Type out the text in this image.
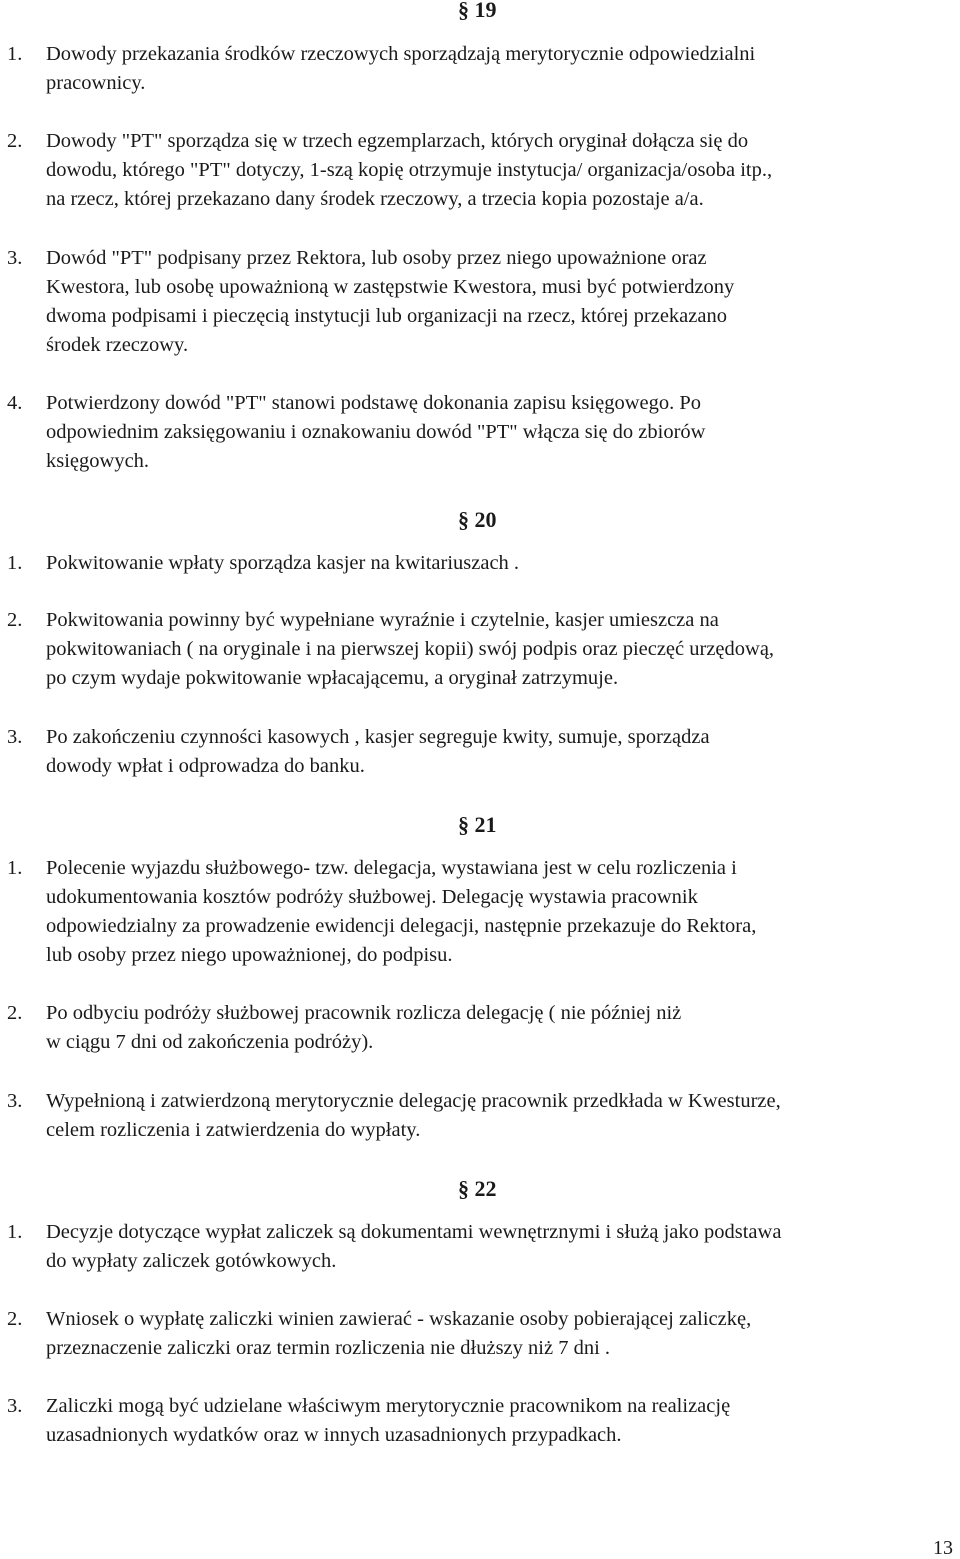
§ 19
1.	Dowody przekazania środków rzeczowych sporządzają merytorycznie odpowiedzialni
pracownicy.
2.	Dowody "PT" sporządza się w trzech egzemplarzach, których oryginał dołącza się do
dowodu, którego "PT" dotyczy, 1-szą kopię otrzymuje instytucja/ organizacja/osoba itp.,
na rzecz, której przekazano dany środek rzeczowy, a trzecia kopia pozostaje a/a.
3.	Dowód "PT" podpisany przez Rektora, lub osoby przez niego upoważnione oraz
Kwestora, lub osobę upoważnioną w zastępstwie Kwestora, musi być potwierdzony
dwoma podpisami i pieczęcią instytucji lub organizacji na rzecz, której przekazano
środek rzeczowy.
4.	Potwierdzony dowód "PT" stanowi podstawę dokonania zapisu księgowego. Po
odpowiednim zaksięgowaniu i oznakowaniu dowód "PT" włącza się do zbiorów
księgowych.
§ 20
1.	Pokwitowanie wpłaty sporządza kasjer na kwitariuszach .
2.	Pokwitowania powinny być wypełniane wyraźnie i czytelnie, kasjer umieszcza na
pokwitowaniach ( na oryginale i na pierwszej kopii) swój podpis oraz pieczęć urzędową,
po czym wydaje pokwitowanie wpłacającemu, a oryginał zatrzymuje.
3.	Po zakończeniu czynności kasowych , kasjer segreguje kwity, sumuje, sporządza
dowody wpłat i odprowadza do banku.
§ 21
1.	Polecenie wyjazdu służbowego- tzw. delegacja, wystawiana jest w celu rozliczenia i
udokumentowania kosztów podróży służbowej. Delegację wystawia pracownik
odpowiedzialny za prowadzenie ewidencji delegacji, następnie przekazuje do Rektora,
lub osoby przez niego upoważnionej, do podpisu.
2.	Po odbyciu podróży służbowej pracownik rozlicza delegację ( nie później niż
w ciągu 7 dni od zakończenia podróży).
3.	Wypełnioną i zatwierdzoną merytorycznie delegację pracownik przedkłada w Kwesturze,
celem rozliczenia i zatwierdzenia do wypłaty.
§ 22
1.	Decyzje dotyczące wypłat zaliczek są dokumentami wewnętrznymi i służą jako podstawa
do wypłaty zaliczek gotówkowych.
2.	Wniosek o wypłatę zaliczki winien zawierać - wskazanie osoby pobierającej zaliczkę,
przeznaczenie zaliczki oraz termin rozliczenia nie dłuższy niż 7 dni .
3.	Zaliczki mogą być udzielane właściwym merytorycznie pracownikom na realizację
uzasadnionych wydatków oraz w innych uzasadnionych przypadkach.
13
